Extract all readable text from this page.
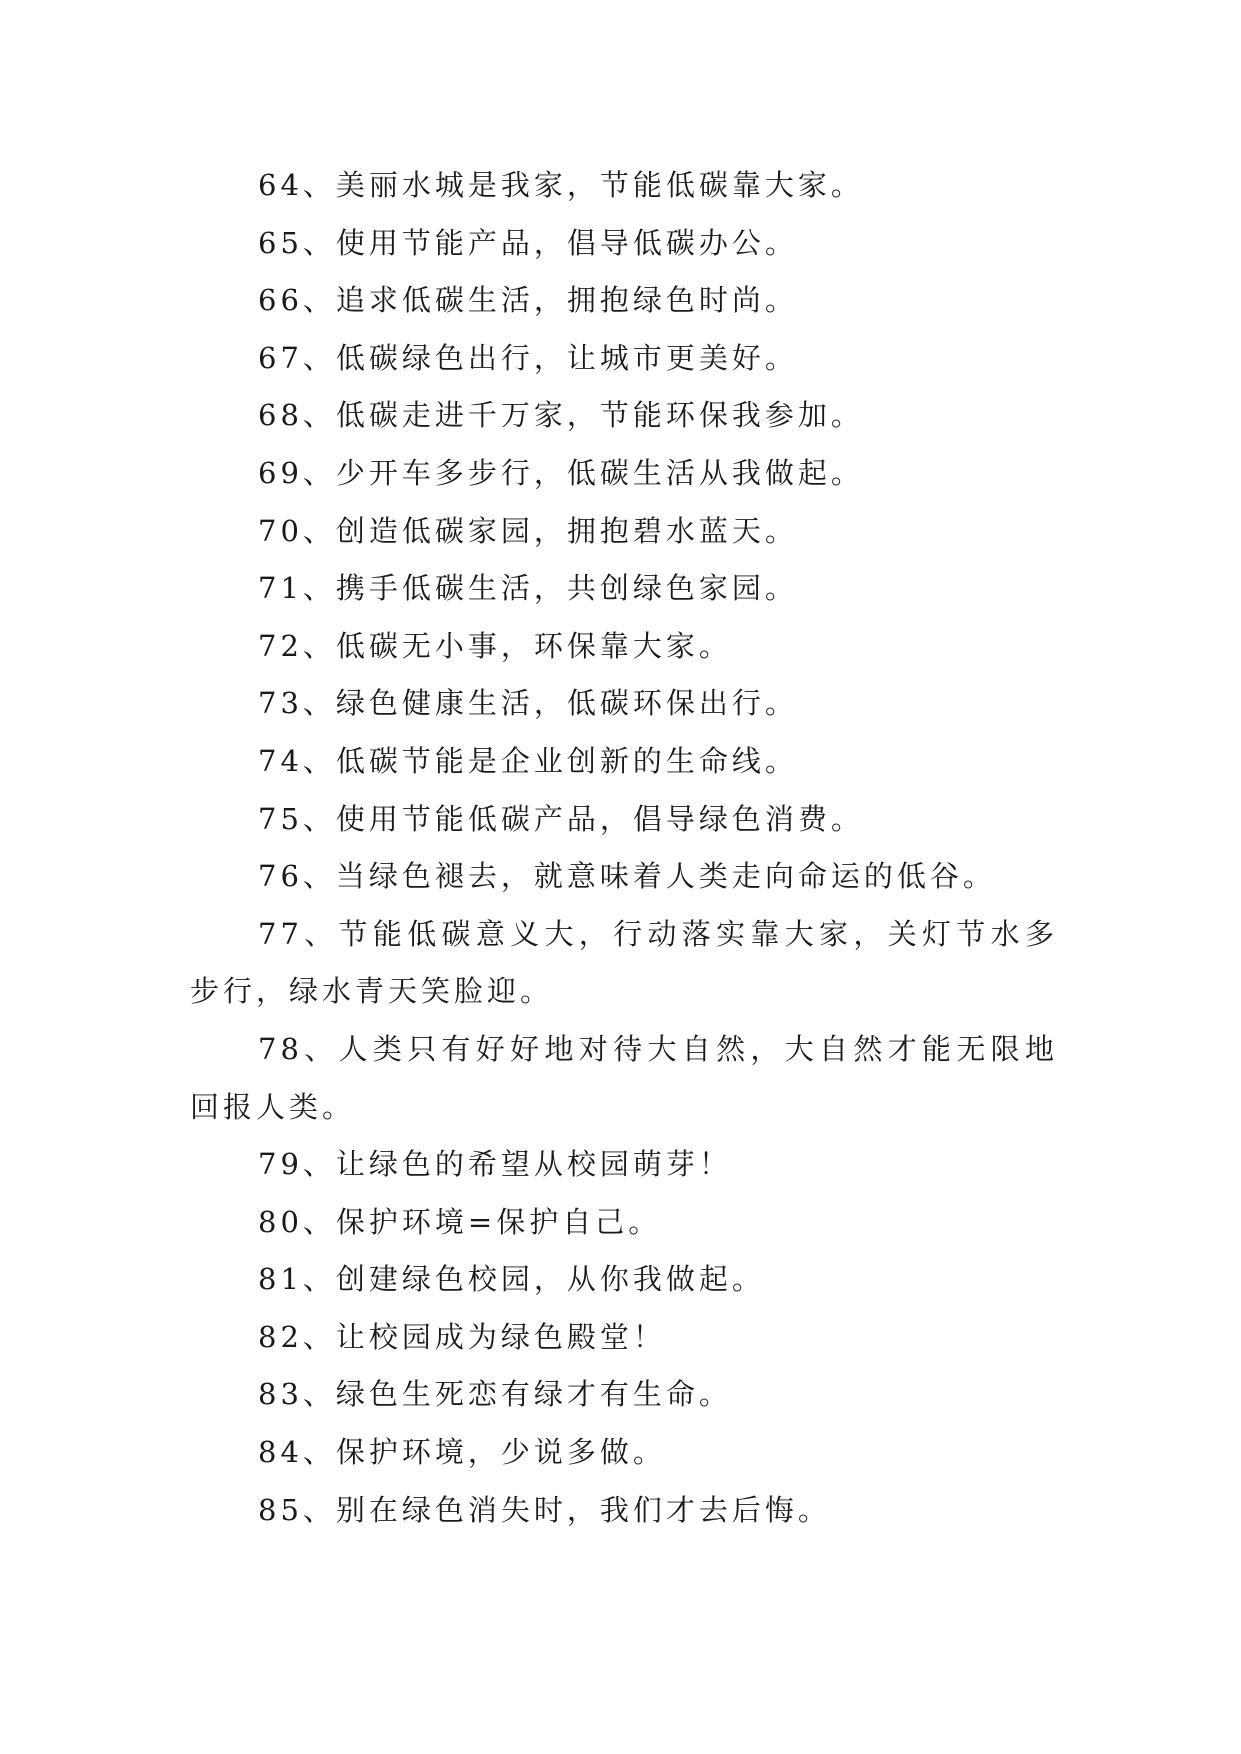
64、美丽水城是我家，节能低碳靠大家。

65、使用节能产品，倡导低碳办公。

66、追求低碳生活，拥抱绿色时尚。

67、低碳绿色出行，让城市更美好。

68、低碳走进千万家，节能环保我参加。

69、少开车多步行，低碳生活从我做起。

70、创造低碳家园，拥抱碧水蓝天。

71、携手低碳生活，共创绿色家园。

72、低碳无小事，环保靠大家。

73、绿色健康生活，低碳环保出行。

74、低碳节能是企业创新的生命线。

75、使用节能低碳产品，倡导绿色消费。

76、当绿色褪去，就意味着人类走向命运的低谷。

77、节能低碳意义大，行动落实靠大家，关灯节水多步行，绿水青天笑脸迎。

78、人类只有好好地对待大自然，大自然才能无限地回报人类。

79、让绿色的希望从校园萌芽！

80、保护环境=保护自己。

81、创建绿色校园，从你我做起。

82、让校园成为绿色殿堂！

83、绿色生死恋有绿才有生命。

84、保护环境，少说多做。

85、别在绿色消失时，我们才去后悔。
